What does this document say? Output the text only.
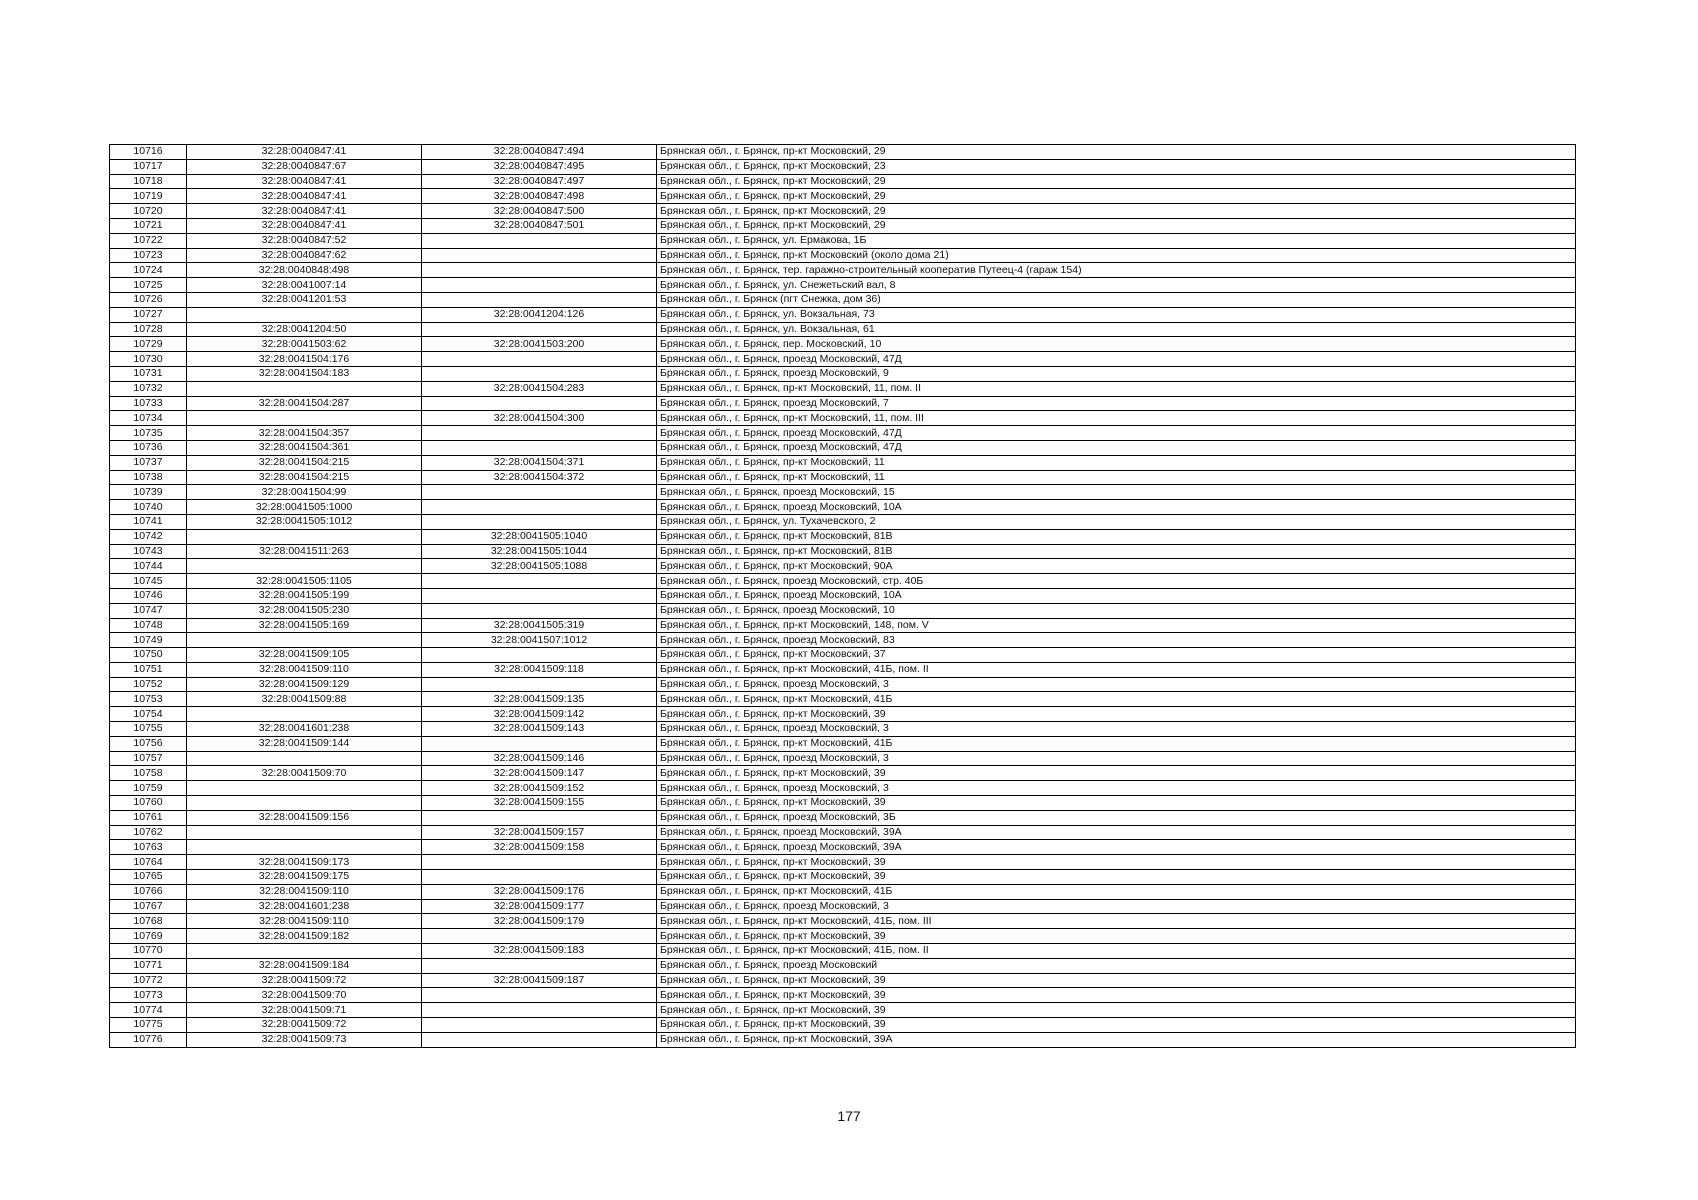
10716	32:28:0040847:41	32:28:0040847:494	Брянская обл., г. Брянск, пр-кт Московский, 29
10717	32:28:0040847:67	32:28:0040847:495	Брянская обл., г. Брянск, пр-кт Московский, 23
10718	32:28:0040847:41	32:28:0040847:497	Брянская обл., г. Брянск, пр-кт Московский, 29
10719	32:28:0040847:41	32:28:0040847:498	Брянская обл., г. Брянск, пр-кт Московский, 29
10720	32:28:0040847:41	32:28:0040847:500	Брянская обл., г. Брянск, пр-кт Московский, 29
10721	32:28:0040847:41	32:28:0040847:501	Брянская обл., г. Брянск, пр-кт Московский, 29
10722	32:28:0040847:52		Брянская обл., г. Брянск, ул. Ермакова, 1Б
10723	32:28:0040847:62		Брянская обл., г. Брянск, пр-кт Московский (около дома 21)
10724	32:28:0040848:498		Брянская обл., г. Брянск, тер. гаражно-строительный кооператив Путеец-4 (гараж 154)
10725	32:28:0041007:14		Брянская обл., г. Брянск, ул. Снежетьский вал, 8
10726	32:28:0041201:53		Брянская обл., г. Брянск (пгт Снежка, дом 36)
10727		32:28:0041204:126	Брянская обл., г. Брянск, ул. Вокзальная, 73
10728	32:28:0041204:50		Брянская обл., г. Брянск, ул. Вокзальная, 61
10729	32:28:0041503:62	32:28:0041503:200	Брянская обл., г. Брянск, пер. Московский, 10
10730	32:28:0041504:176		Брянская обл., г. Брянск, проезд Московский, 47Д
10731	32:28:0041504:183		Брянская обл., г. Брянск, проезд Московский, 9
10732		32:28:0041504:283	Брянская обл., г. Брянск, пр-кт Московский, 11, пом. II
10733	32:28:0041504:287		Брянская обл., г. Брянск, проезд Московский, 7
10734		32:28:0041504:300	Брянская обл., г. Брянск, пр-кт Московский, 11, пом. III
10735	32:28:0041504:357		Брянская обл., г. Брянск, проезд Московский, 47Д
10736	32:28:0041504:361		Брянская обл., г. Брянск, проезд Московский, 47Д
10737	32:28:0041504:215	32:28:0041504:371	Брянская обл., г. Брянск, пр-кт Московский, 11
10738	32:28:0041504:215	32:28:0041504:372	Брянская обл., г. Брянск, пр-кт Московский, 11
10739	32:28:0041504:99		Брянская обл., г. Брянск, проезд Московский, 15
10740	32:28:0041505:1000		Брянская обл., г. Брянск, проезд Московский, 10А
10741	32:28:0041505:1012		Брянская обл., г. Брянск, ул. Тухачевского, 2
10742		32:28:0041505:1040	Брянская обл., г. Брянск, пр-кт Московский, 81В
10743	32:28:0041511:263	32:28:0041505:1044	Брянская обл., г. Брянск, пр-кт Московский, 81В
10744		32:28:0041505:1088	Брянская обл., г. Брянск, пр-кт Московский, 90А
10745	32:28:0041505:1105		Брянская обл., г. Брянск, проезд Московский, стр. 40Б
10746	32:28:0041505:199		Брянская обл., г. Брянск, проезд Московский, 10А
10747	32:28:0041505:230		Брянская обл., г. Брянск, проезд Московский, 10
10748	32:28:0041505:169	32:28:0041505:319	Брянская обл., г. Брянск, пр-кт Московский, 148, пом. V
10749		32:28:0041507:1012	Брянская обл., г. Брянск, проезд Московский, 83
10750	32:28:0041509:105		Брянская обл., г. Брянск, пр-кт Московский, 37
10751	32:28:0041509:110	32:28:0041509:118	Брянская обл., г. Брянск, пр-кт Московский, 41Б, пом. II
10752	32:28:0041509:129		Брянская обл., г. Брянск, проезд Московский, 3
10753	32:28:0041509:88	32:28:0041509:135	Брянская обл., г. Брянск, пр-кт Московский, 41Б
10754		32:28:0041509:142	Брянская обл., г. Брянск, пр-кт Московский, 39
10755	32:28:0041601:238	32:28:0041509:143	Брянская обл., г. Брянск, проезд Московский, 3
10756	32:28:0041509:144		Брянская обл., г. Брянск, пр-кт Московский, 41Б
10757		32:28:0041509:146	Брянская обл., г. Брянск, проезд Московский, 3
10758	32:28:0041509:70	32:28:0041509:147	Брянская обл., г. Брянск, пр-кт Московский, 39
10759		32:28:0041509:152	Брянская обл., г. Брянск, проезд Московский, 3
10760		32:28:0041509:155	Брянская обл., г. Брянск, пр-кт Московский, 39
10761	32:28:0041509:156		Брянская обл., г. Брянск, проезд Московский, 3Б
10762		32:28:0041509:157	Брянская обл., г. Брянск, проезд Московский, 39А
10763		32:28:0041509:158	Брянская обл., г. Брянск, проезд Московский, 39А
10764	32:28:0041509:173		Брянская обл., г. Брянск, пр-кт Московский, 39
10765	32:28:0041509:175		Брянская обл., г. Брянск, пр-кт Московский, 39
10766	32:28:0041509:110	32:28:0041509:176	Брянская обл., г. Брянск, пр-кт Московский, 41Б
10767	32:28:0041601:238	32:28:0041509:177	Брянская обл., г. Брянск, проезд Московский, 3
10768	32:28:0041509:110	32:28:0041509:179	Брянская обл., г. Брянск, пр-кт Московский, 41Б, пом. III
10769	32:28:0041509:182		Брянская обл., г. Брянск, пр-кт Московский, 39
10770		32:28:0041509:183	Брянская обл., г. Брянск, пр-кт Московский, 41Б, пом. II
10771	32:28:0041509:184		Брянская обл., г. Брянск, проезд Московский
10772	32:28:0041509:72	32:28:0041509:187	Брянская обл., г. Брянск, пр-кт Московский, 39
10773	32:28:0041509:70		Брянская обл., г. Брянск, пр-кт Московский, 39
10774	32:28:0041509:71		Брянская обл., г. Брянск, пр-кт Московский, 39
10775	32:28:0041509:72		Брянская обл., г. Брянск, пр-кт Московский, 39
10776	32:28:0041509:73		Брянская обл., г. Брянск, пр-кт Московский, 39А
177
